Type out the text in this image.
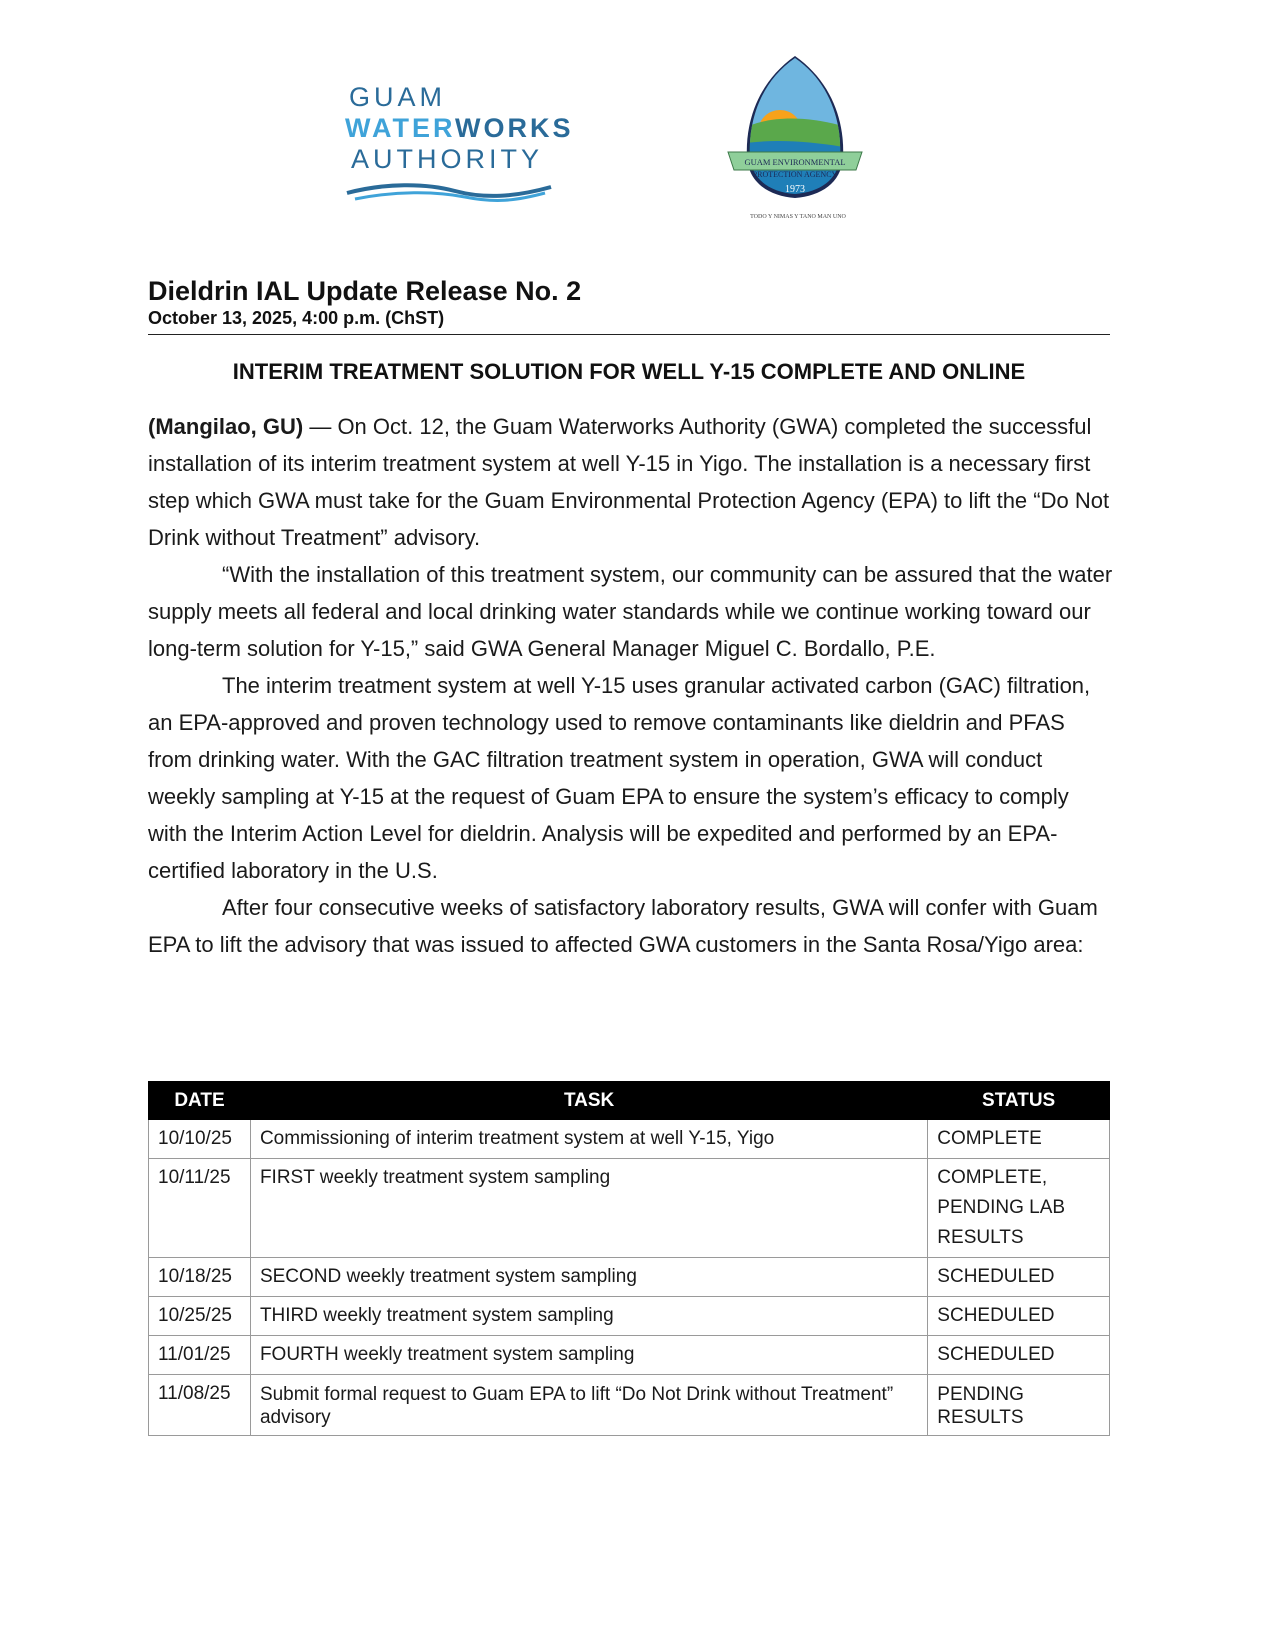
GUAM
WATERWORKS
AUTHORITY	GUAM ENVIRONMENTAL
PROTECTION AGENCY
1973
TODO Y NIMAS Y TANO MAN UNO
Dieldrin IAL Update Release No. 2

October 13, 2025, 4:00 p.m. (ChST)

INTERIM TREATMENT SOLUTION FOR WELL Y-15 COMPLETE AND ONLINE

(Mangilao, GU) — On Oct. 12, the Guam Waterworks Authority (GWA) completed the successful installation of its interim treatment system at well Y-15 in Yigo. The installation is a necessary first step which GWA must take for the Guam Environmental Protection Agency (EPA) to lift the “Do Not Drink without Treatment” advisory.

“With the installation of this treatment system, our community can be assured that the water supply meets all federal and local drinking water standards while we continue working toward our long-term solution for Y-15,” said GWA General Manager Miguel C. Bordallo, P.E.

The interim treatment system at well Y-15 uses granular activated carbon (GAC) filtration, an EPA-approved and proven technology used to remove contaminants like dieldrin and PFAS from drinking water. With the GAC filtration treatment system in operation, GWA will conduct weekly sampling at Y-15 at the request of Guam EPA to ensure the system’s efficacy to comply with the Interim Action Level for dieldrin. Analysis will be expedited and performed by an EPA-certified laboratory in the U.S.

After four consecutive weeks of satisfactory laboratory results, GWA will confer with Guam EPA to lift the advisory that was issued to affected GWA customers in the Santa Rosa/Yigo area:

DATE	TASK	STATUS
10/10/25	Commissioning of interim treatment system at well Y-15, Yigo	COMPLETE
10/11/25	FIRST weekly treatment system sampling	COMPLETE, PENDING LAB RESULTS
10/18/25	SECOND weekly treatment system sampling	SCHEDULED
10/25/25	THIRD weekly treatment system sampling	SCHEDULED
11/01/25	FOURTH weekly treatment system sampling	SCHEDULED
11/08/25	Submit formal request to Guam EPA to lift “Do Not Drink without Treatment” advisory	PENDING RESULTS
